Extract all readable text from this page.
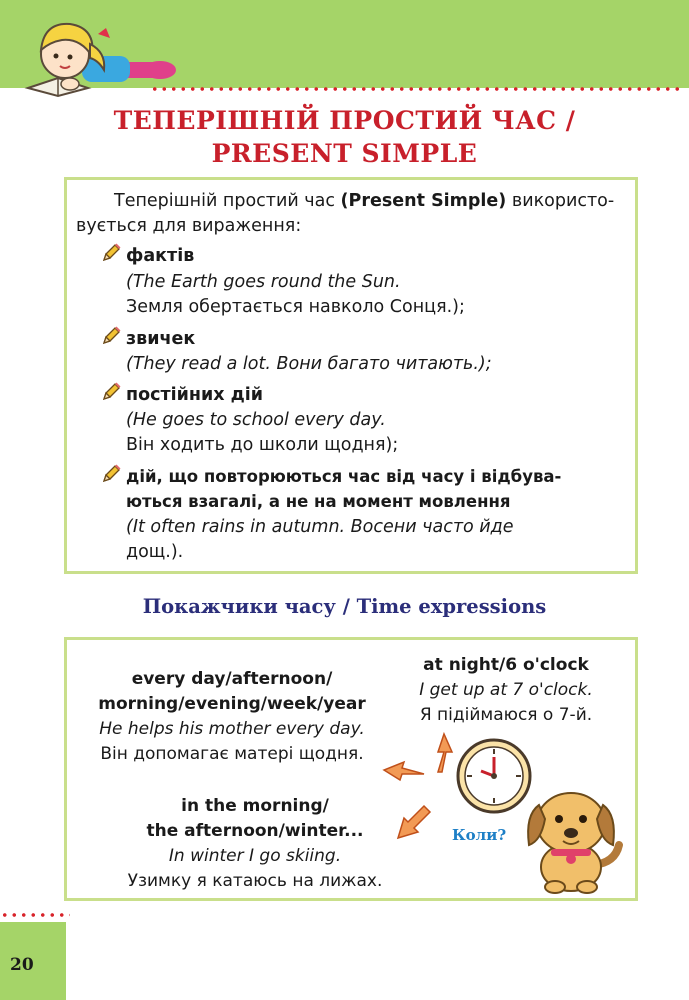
ТЕПЕРІШНІЙ ПРОСТИЙ ЧАС /
PRESENT SIMPLE
Теперішній простий час (Present Simple) використо-
вується для вираження:
фактів
(The Earth goes round the Sun.
Земля обертається навколо Сонця.);
звичек
(They read a lot. Вони багато читають.);
постійних дій
(He goes to school every day.
Він ходить до школи щодня);
дій, що повторюються час від часу і відбува-
ються взагалі, а не на момент мовлення
(It often rains in autumn. Восени часто йде
дощ.).
Покажчики часу / Time expressions
every day/afternoon/
morning/evening/week/year
He helps his mother every day.
Він допомагає матері щодня.
at night/6 o'clock
I get up at 7 o'clock.
Я підіймаюся о 7-й.
in the morning/
the afternoon/winter...
In winter I go skiing.
Узимку я катаюсь на лижах.
Коли?
20
